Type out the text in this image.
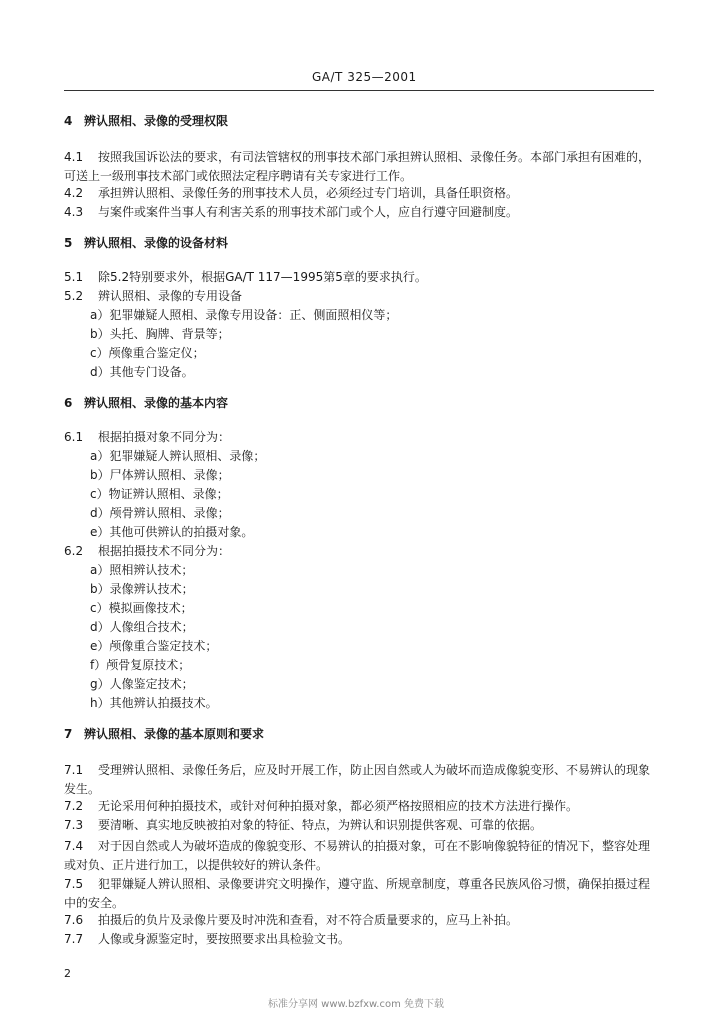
GA/T 325—2001
4 辨认照相、录像的受理权限
4.1 按照我国诉讼法的要求，有司法管辖权的刑事技术部门承担辨认照相、录像任务。本部门承担有困难的，可送上一级刑事技术部门或依照法定程序聘请有关专家进行工作。
4.2 承担辨认照相、录像任务的刑事技术人员，必须经过专门培训，具备任职资格。
4.3 与案件或案件当事人有利害关系的刑事技术部门或个人，应自行遵守回避制度。
5 辨认照相、录像的设备材料
5.1 除5.2特别要求外，根据GA/T 117—1995第5章的要求执行。
5.2 辨认照相、录像的专用设备
a）犯罪嫌疑人照相、录像专用设备：正、侧面照相仪等；
b）头托、胸牌、背景等；
c）颅像重合鉴定仪；
d）其他专门设备。
6 辨认照相、录像的基本内容
6.1 根据拍摄对象不同分为：
a）犯罪嫌疑人辨认照相、录像；
b）尸体辨认照相、录像；
c）物证辨认照相、录像；
d）颅骨辨认照相、录像；
e）其他可供辨认的拍摄对象。
6.2 根据拍摄技术不同分为：
a）照相辨认技术；
b）录像辨认技术；
c）模拟画像技术；
d）人像组合技术；
e）颅像重合鉴定技术；
f）颅骨复原技术；
g）人像鉴定技术；
h）其他辨认拍摄技术。
7 辨认照相、录像的基本原则和要求
7.1 受理辨认照相、录像任务后，应及时开展工作，防止因自然或人为破坏而造成像貌变形、不易辨认的现象发生。
7.2 无论采用何种拍摄技术，或针对何种拍摄对象，都必须严格按照相应的技术方法进行操作。
7.3 要清晰、真实地反映被拍对象的特征、特点，为辨认和识别提供客观、可靠的依据。
7.4 对于因自然或人为破坏造成的像貌变形、不易辨认的拍摄对象，可在不影响像貌特征的情况下，整容处理或对负、正片进行加工，以提供较好的辨认条件。
7.5 犯罪嫌疑人辨认照相、录像要讲究文明操作，遵守监、所规章制度，尊重各民族风俗习惯，确保拍摄过程中的安全。
7.6 拍摄后的负片及录像片要及时冲洗和查看，对不符合质量要求的，应马上补拍。
7.7 人像或身源鉴定时，要按照要求出具检验文书。
2
标准分享网 www.bzfxw.com 免费下载
